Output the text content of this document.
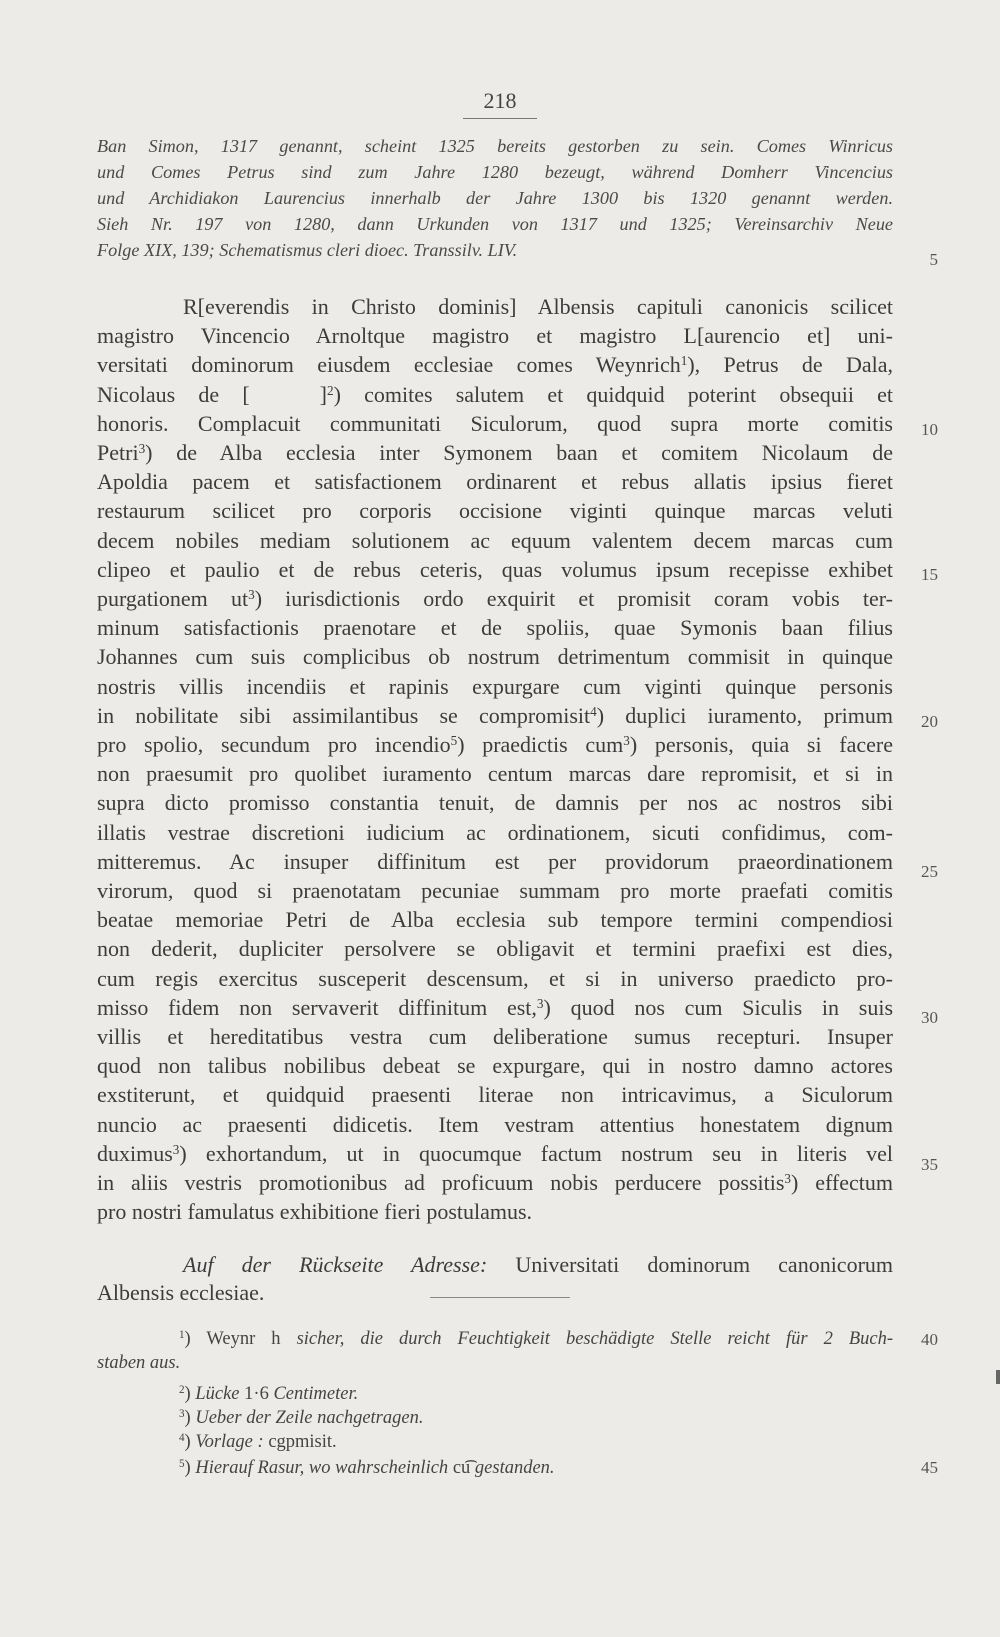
218
Ban Simon, 1317 genannt, scheint 1325 bereits gestorben zu sein. Comes Winricus
und Comes Petrus sind zum Jahre 1280 bezeugt, während Domherr Vincencius
und Archidiakon Laurencius innerhalb der Jahre 1300 bis 1320 genannt werden.
Sieh Nr. 197 von 1280, dann Urkunden von 1317 und 1325; Vereinsarchiv Neue
Folge XIX, 139; Schematismus cleri dioec. Transsilv. LIV.
R[everendis in Christo dominis] Albensis capituli canonicis scilicet
magistro Vincencio Arnoltque magistro et magistro L[aurencio et] uni-
versitati dominorum eiusdem ecclesiae comes Weynrich$^1$), Petrus de Dala,
Nicolaus de [	]$^2$) comites salutem et quidquid poterint obsequii et
honoris. Complacuit communitati Siculorum, quod supra morte comitis
Petri$^3$) de Alba ecclesia inter Symonem baan et comitem Nicolaum de
Apoldia pacem et satisfactionem ordinarent et rebus allatis ipsius fieret
restaurum scilicet pro corporis occisione viginti quinque marcas veluti
decem nobiles mediam solutionem ac equum valentem decem marcas cum
clipeo et paulio et de rebus ceteris, quas volumus ipsum recepisse exhibet
purgationem $ut^3$) iurisdictionis ordo exquirit et promisit coram vobis ter-
minum satisfactionis praenotare et de spoliis, quae Symonis baan filius
Johannes cum suis complicibus ob nostrum detrimentum commisit in quinque
nostris villis incendiis et rapinis expurgare cum viginti quinque personis
in nobilitate sibi assimilantibus se compromisit$^4$) duplici iuramento, primum
pro spolio, secundum pro incendio$^5$) praedictis cum$^3$) personis, quia si facere
non praesumit pro quolibet iuramento centum marcas dare repromisit, et si in
supra dicto promisso constantia tenuit, de damnis per nos ac nostros sibi
illatis vestrae discretioni iudicium ac ordinationem, sicuti confidimus, com-
mitteremus. Ac insuper diffinitum est per providorum praeordinationem
virorum, quod si praenotatam pecuniae summam pro morte praefati comitis
beatae memoriae Petri de Alba ecclesia sub tempore termini compendiosi
non dederit, dupliciter persolvere se obligavit et termini praefixi est dies,
cum regis exercitus susceperit descensum, et si in universo praedicto pro-
misso fidem non servaverit diffinitum est,$^3$) quod nos cum Siculis in suis
villis et hereditatibus vestra cum deliberatione sumus recepturi. Insuper
quod non talibus nobilibus debeat se expurgare, qui in nostro damno actores
exstiterunt, et quidquid praesenti literae non intricavimus, a Siculorum
nuncio ac praesenti didicetis. Item vestram attentius honestatem dignum
duximus$^3$) exhortandum, ut in quocumque factum nostrum seu in literis vel
in aliis vestris promotionibus ad proficuum nobis perducere possitis$^3$) effectum
pro nostri famulatus exhibitione fieri postulamus.
Auf der Rückseite Adresse: Universitati dominorum canonicorum
Albensis ecclesiae.
$^1$) Weynr h sicher, die durch Feuchtigkeit beschädigte Stelle reicht für 2 Buch-
staben aus.
$^2$) Lücke 1·6 Centimeter.
$^3$) Ueber der Zeile nachgetragen.
$^4$) Vorlage : cgpmisit.
$^5$) Hierauf Rasur, wo wahrscheinlich cu͡ gestanden.
5
10
15
20
25
30
35
40
45
